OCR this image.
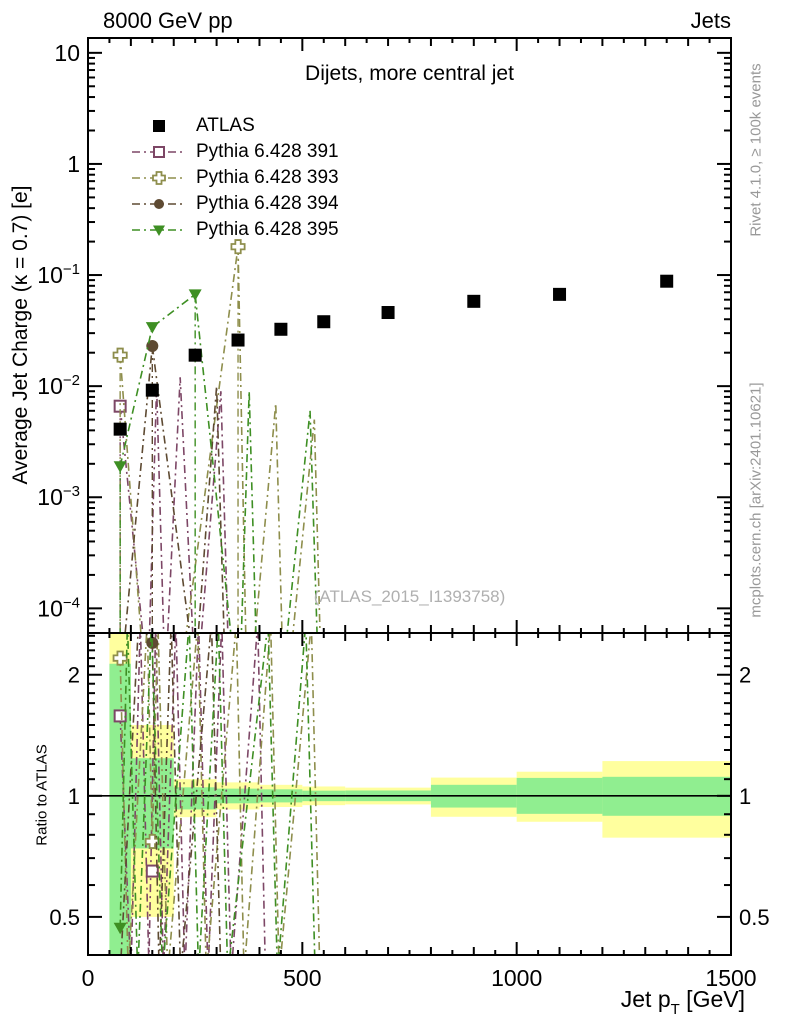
10
1
$10^{-1}$
$10^{-2}$
$10^{-3}$
$10^{-4}$
2	2
1	1
0.5	0.5
0	500	1000	1500
8000 GeV pp	Jets
Dijets, more central jet
(ATLAS_2015_I1393758)
Average Jet Charge (κ = 0.7) [e]
Ratio to ATLAS
Rivet 4.1.0, ≥ 100k events
mcplots.cern.ch [arXiv:2401.10621]
Jet $p_T$ [GeV]
ATLAS
Pythia 6.428 391
Pythia 6.428 393
Pythia 6.428 394
Pythia 6.428 395
